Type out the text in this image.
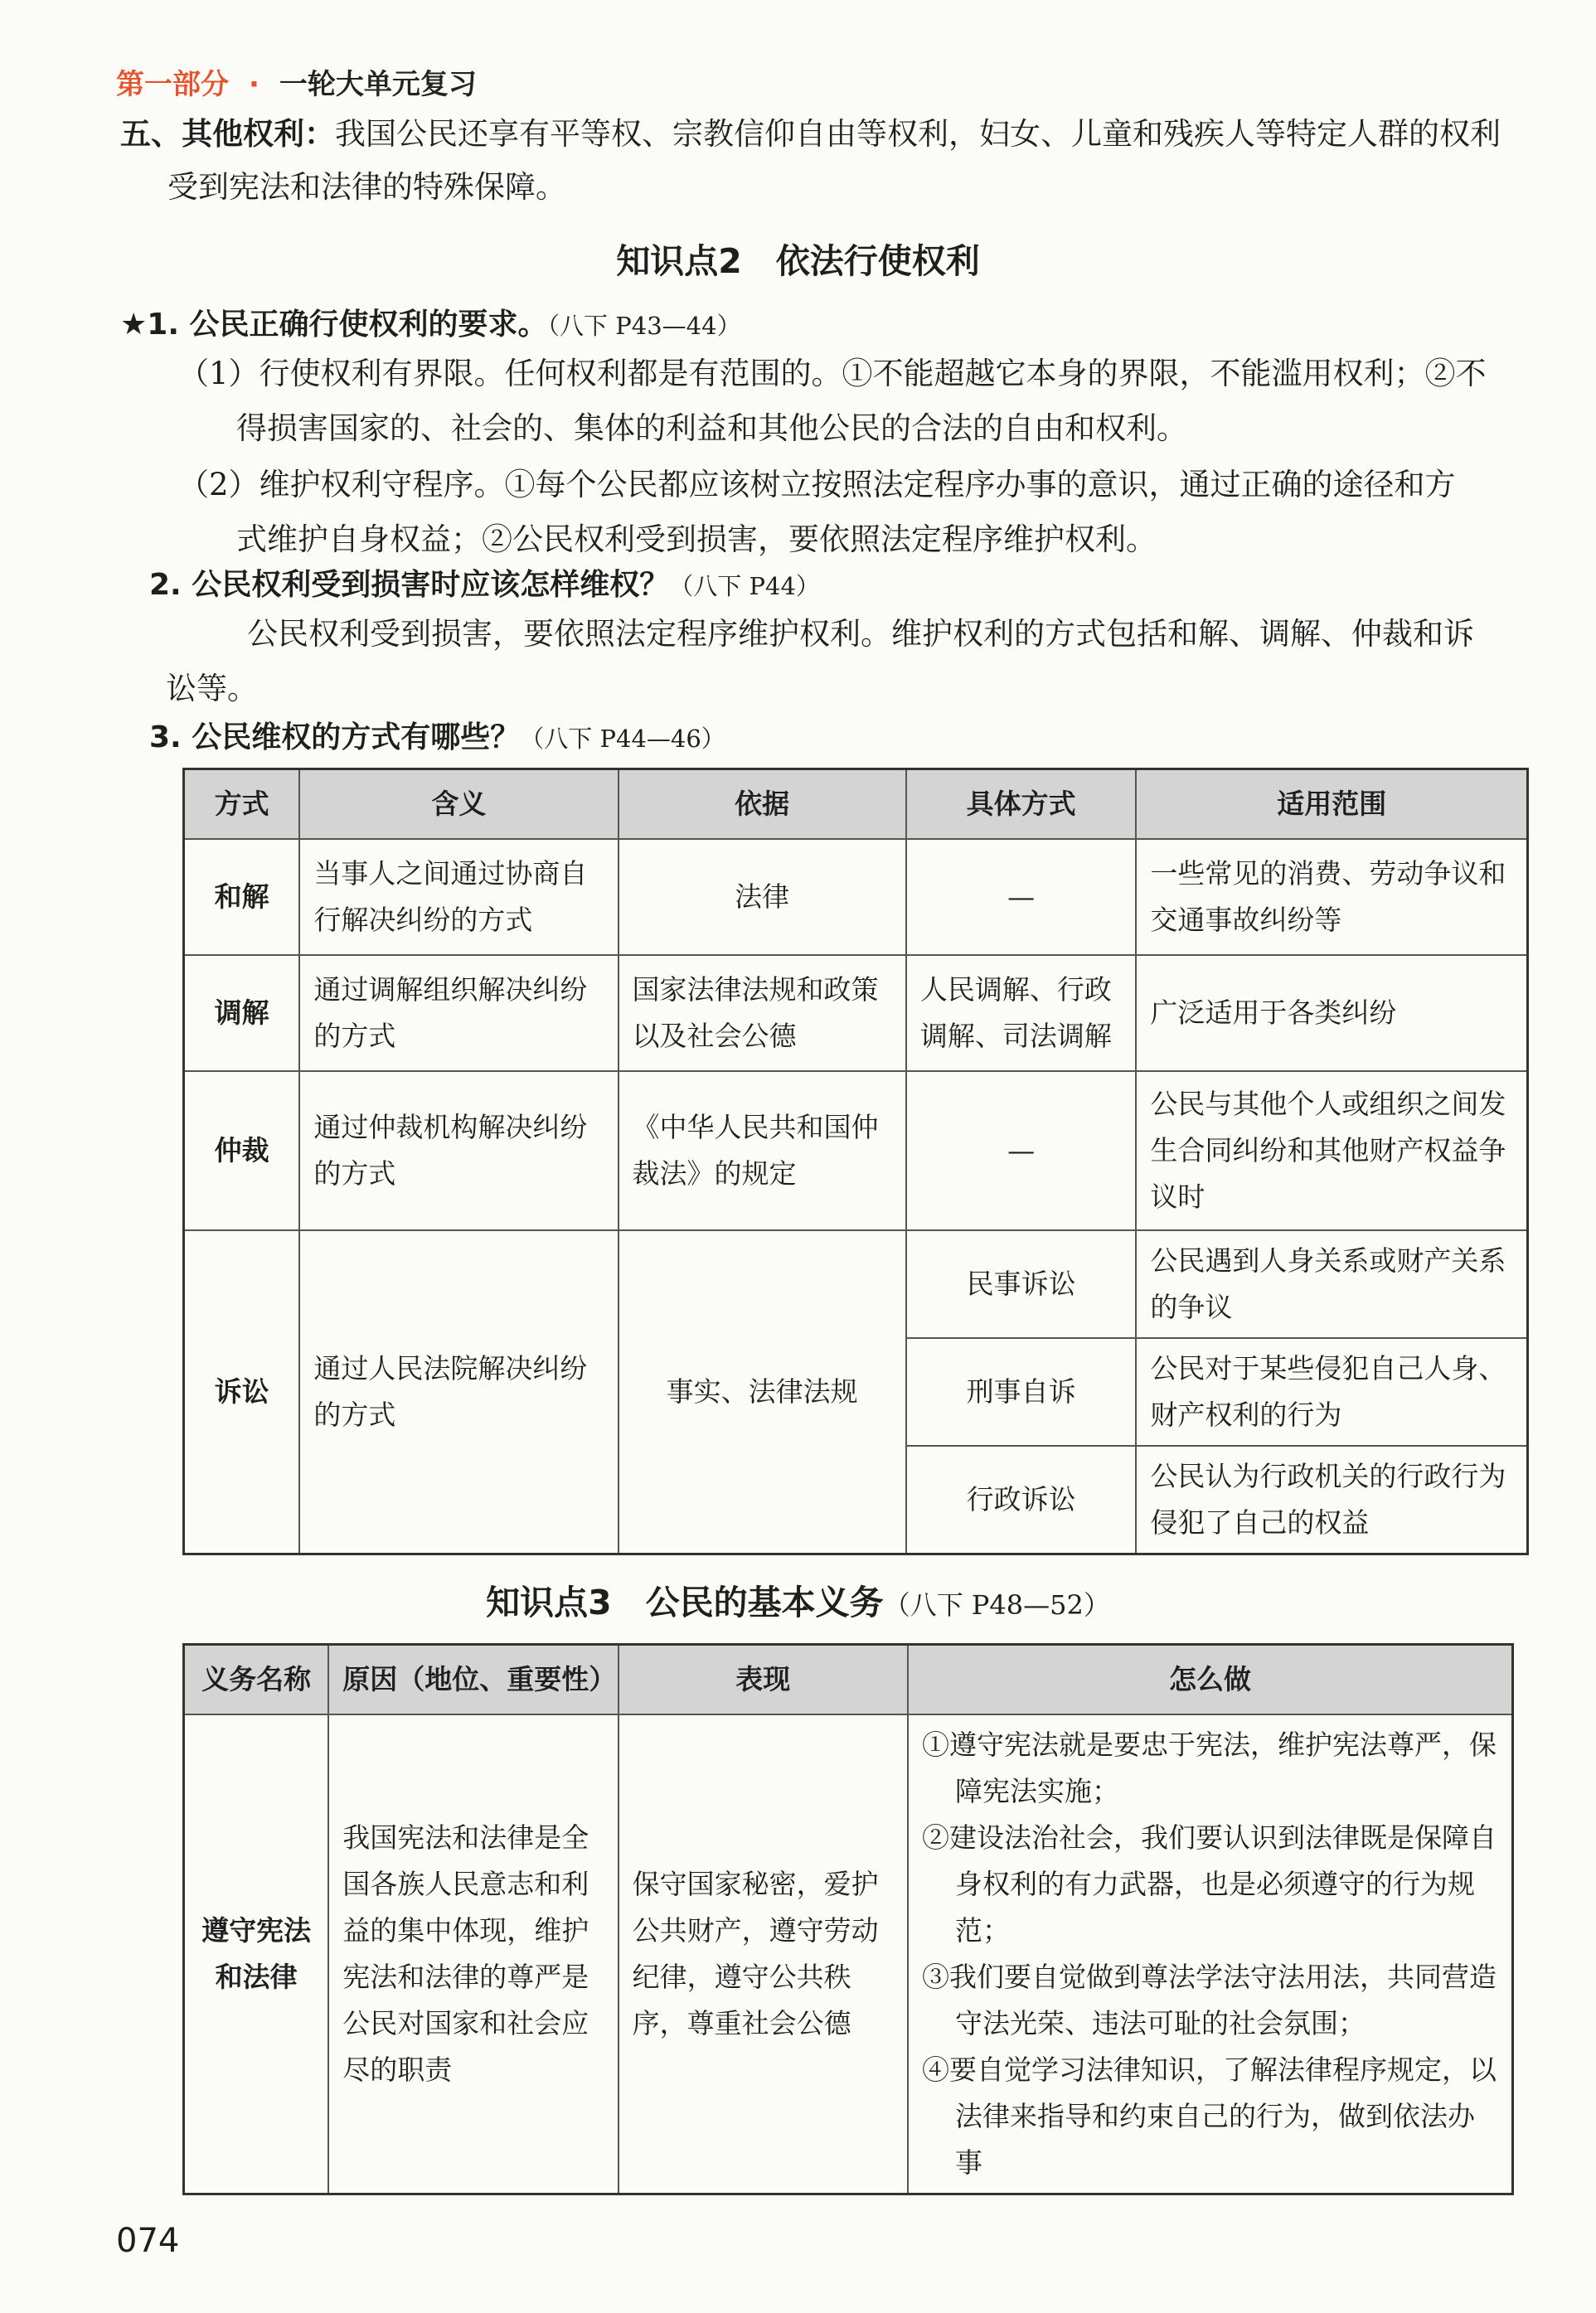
第一部分 · 一轮大单元复习
五、其他权利：我国公民还享有平等权、宗教信仰自由等权利，妇女、儿童和残疾人等特定人群的权利
受到宪法和法律的特殊保障。
知识点2　依法行使权利
★1. 公民正确行使权利的要求。（八下 P43—44）
（1）行使权利有界限。任何权利都是有范围的。①不能超越它本身的界限，不能滥用权利；②不
得损害国家的、社会的、集体的利益和其他公民的合法的自由和权利。
（2）维护权利守程序。①每个公民都应该树立按照法定程序办事的意识，通过正确的途径和方
式维护自身权益；②公民权利受到损害，要依照法定程序维护权利。
2. 公民权利受到损害时应该怎样维权？（八下 P44）
公民权利受到损害，要依照法定程序维护权利。维护权利的方式包括和解、调解、仲裁和诉
讼等。
3. 公民维权的方式有哪些？（八下 P44—46）
方式	含义	依据	具体方式	适用范围
和解	当事人之间通过协商自行解决纠纷的方式	法律	—	一些常见的消费、劳动争议和交通事故纠纷等
调解	通过调解组织解决纠纷的方式	国家法律法规和政策以及社会公德	人民调解、行政调解、司法调解	广泛适用于各类纠纷
仲裁	通过仲裁机构解决纠纷的方式	《中华人民共和国仲裁法》的规定	—	公民与其他个人或组织之间发生合同纠纷和其他财产权益争议时
诉讼	通过人民法院解决纠纷的方式	事实、法律法规	民事诉讼	公民遇到人身关系或财产关系的争议
			刑事自诉	公民对于某些侵犯自己人身、财产权利的行为
			行政诉讼	公民认为行政机关的行政行为侵犯了自己的权益
知识点3　公民的基本义务（八下 P48—52）
义务名称	原因（地位、重要性）	表现	怎么做
遵守宪法和法律	我国宪法和法律是全国各族人民意志和利益的集中体现，维护宪法和法律的尊严是公民对国家和社会应尽的职责	保守国家秘密，爱护公共财产，遵守劳动纪律，遵守公共秩序，尊重社会公德	①遵守宪法就是要忠于宪法，维护宪法尊严，保障宪法实施；
②建设法治社会，我们要认识到法律既是保障自身权利的有力武器，也是必须遵守的行为规范；
③我们要自觉做到尊法学法守法用法，共同营造守法光荣、违法可耻的社会氛围；
④要自觉学习法律知识，了解法律程序规定，以法律来指导和约束自己的行为，做到依法办事
074
